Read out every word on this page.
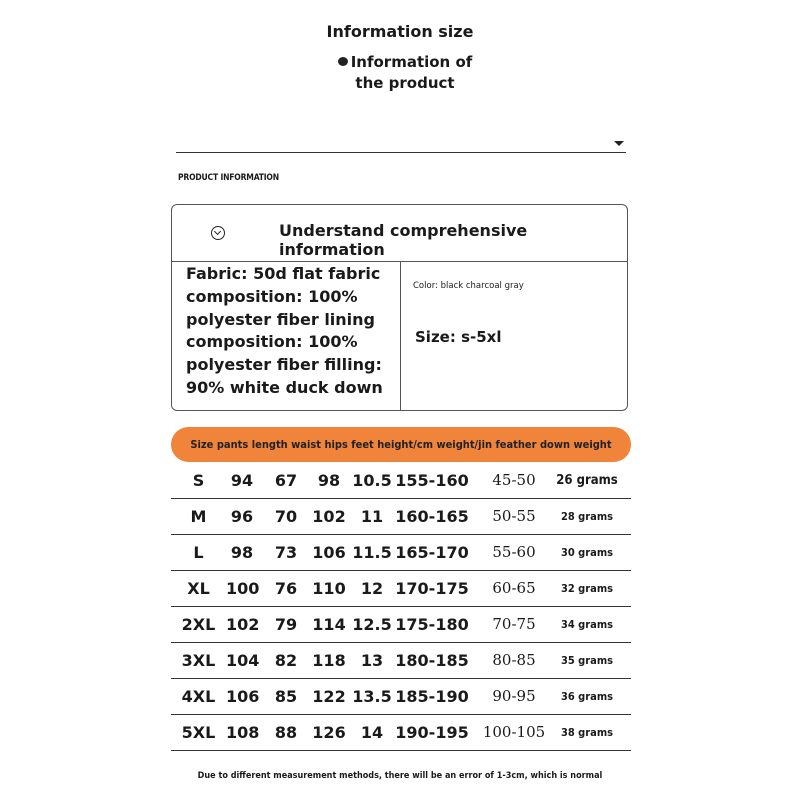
Information size
Information of the product
PRODUCT INFORMATION
Understand comprehensive information
Fabric: 50d flat fabric composition: 100% polyester fiber lining composition: 100% polyester fiber filling: 90% white duck down
Color: black charcoal gray
Size: s-5xl
Size pants length waist hips feet height/cm weight/jin feather down weight
S	94	67	98 10.5 155-160	45-50	26 grams
M	96	70 102 11 160-165	50-55	28 grams
L	98	73 106 11.5 165-170	55-60	30 grams
XL	100 76 110 12 170-175	60-65	32 grams
2XL 102 79 114 12.5 175-180	70-75	34 grams
3XL 104 82 118 13 180-185	80-85	35 grams
4XL 106 85 122 13.5 185-190	90-95	36 grams
5XL 108 88 126 14 190-195 100-105	38 grams
Due to different measurement methods, there will be an error of 1-3cm, which is normal
